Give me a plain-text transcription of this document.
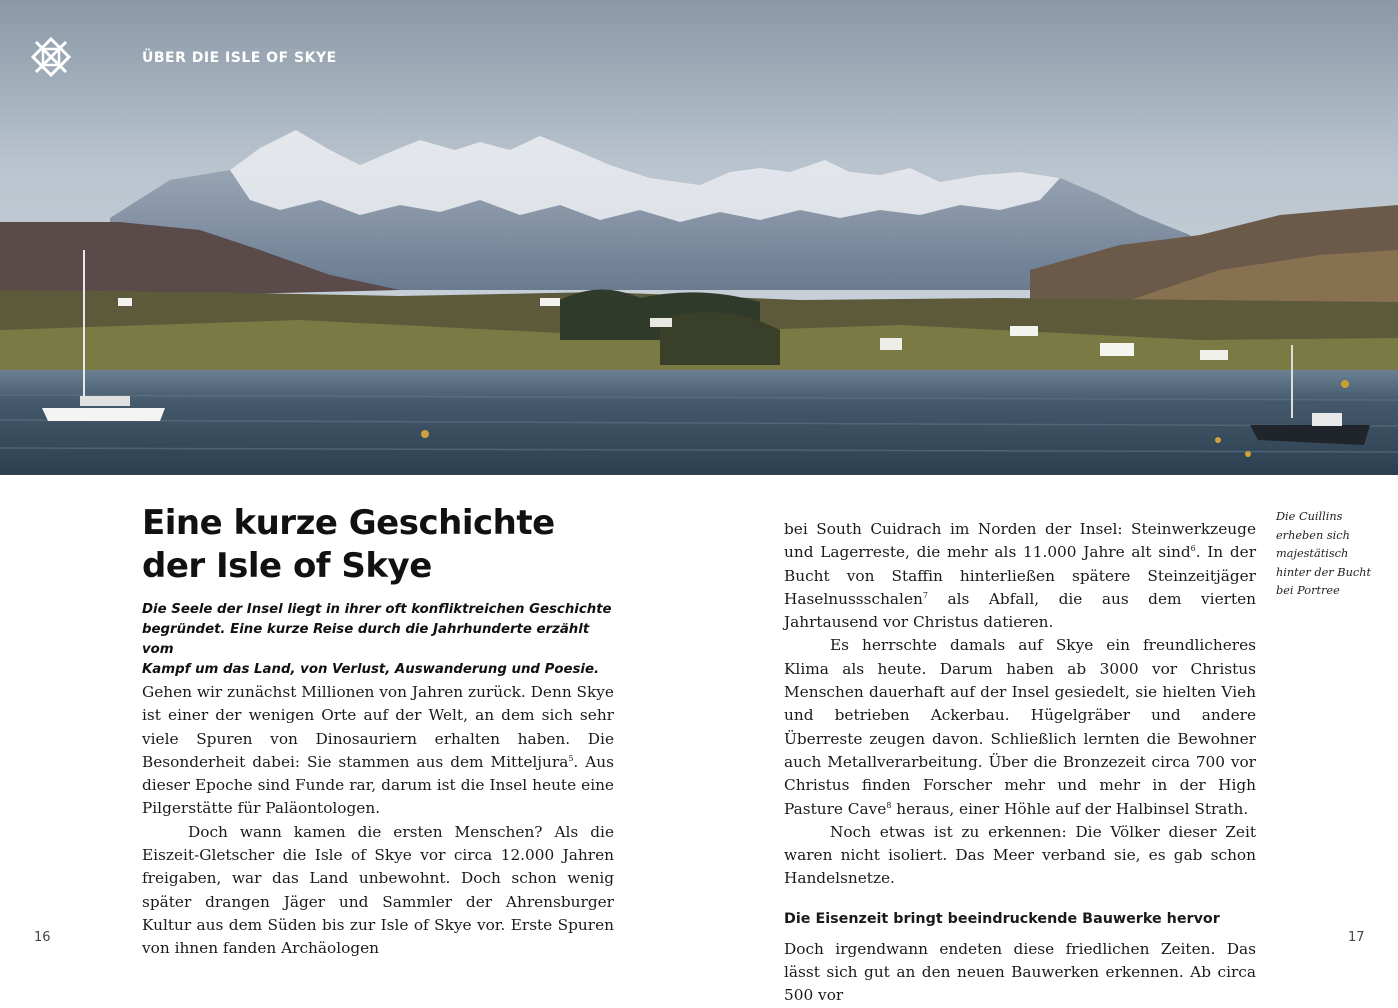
ÜBER DIE ISLE OF SKYE
Eine kurze Geschichte
der Isle of Skye

Die Seele der Insel liegt in ihrer oft konfliktreichen Geschichte
begründet. Eine kurze Reise durch die Jahrhunderte erzählt vom
Kampf um das Land, von Verlust, Auswanderung und Poesie.

Gehen wir zunächst Millionen von Jahren zurück. Denn Skye ist einer der wenigen Orte auf der Welt, an dem sich sehr viele Spuren von Dinosauriern erhalten haben. Die Besonderheit dabei: Sie stammen aus dem Mitteljura$^5$. Aus dieser Epoche sind Funde rar, darum ist die Insel heute eine Pilgerstätte für Paläontologen.

Doch wann kamen die ersten Menschen? Als die Eiszeit-Gletscher die Isle of Skye vor circa 12.000 Jahren freigaben, war das Land unbewohnt. Doch schon wenig später drangen Jäger und Sammler der Ahrensburger Kultur aus dem Süden bis zur Isle of Skye vor. Erste Spuren von ihnen fanden Archäologen

bei South Cuidrach im Norden der Insel: Steinwerkzeuge und Lagerreste, die mehr als 11.000 Jahre alt sind$^6$. In der Bucht von Staffin hinterließen spätere Steinzeitjäger Haselnussschalen$^7$ als Abfall, die aus dem vierten Jahrtausend vor Christus datieren.

Es herrschte damals auf Skye ein freundlicheres Klima als heute. Darum haben ab 3000 vor Christus Menschen dauerhaft auf der Insel gesiedelt, sie hielten Vieh und betrieben Ackerbau. Hügelgräber und andere Überreste zeugen davon. Schließlich lernten die Bewohner auch Metallverarbeitung. Über die Bronzezeit circa 700 vor Christus finden Forscher mehr und mehr in der High Pasture Cave$^8$ heraus, einer Höhle auf der Halbinsel Strath.

Noch etwas ist zu erkennen: Die Völker dieser Zeit waren nicht isoliert. Das Meer verband sie, es gab schon Handelsnetze.

Die Eisenzeit bringt beeindruckende Bauwerke hervor

Doch irgendwann endeten diese friedlichen Zeiten. Das lässt sich gut an den neuen Bauwerken erkennen. Ab circa 500 vor

Die Cuillins
erheben sich
majestätisch
hinter der Bucht
bei Portree
16	17
